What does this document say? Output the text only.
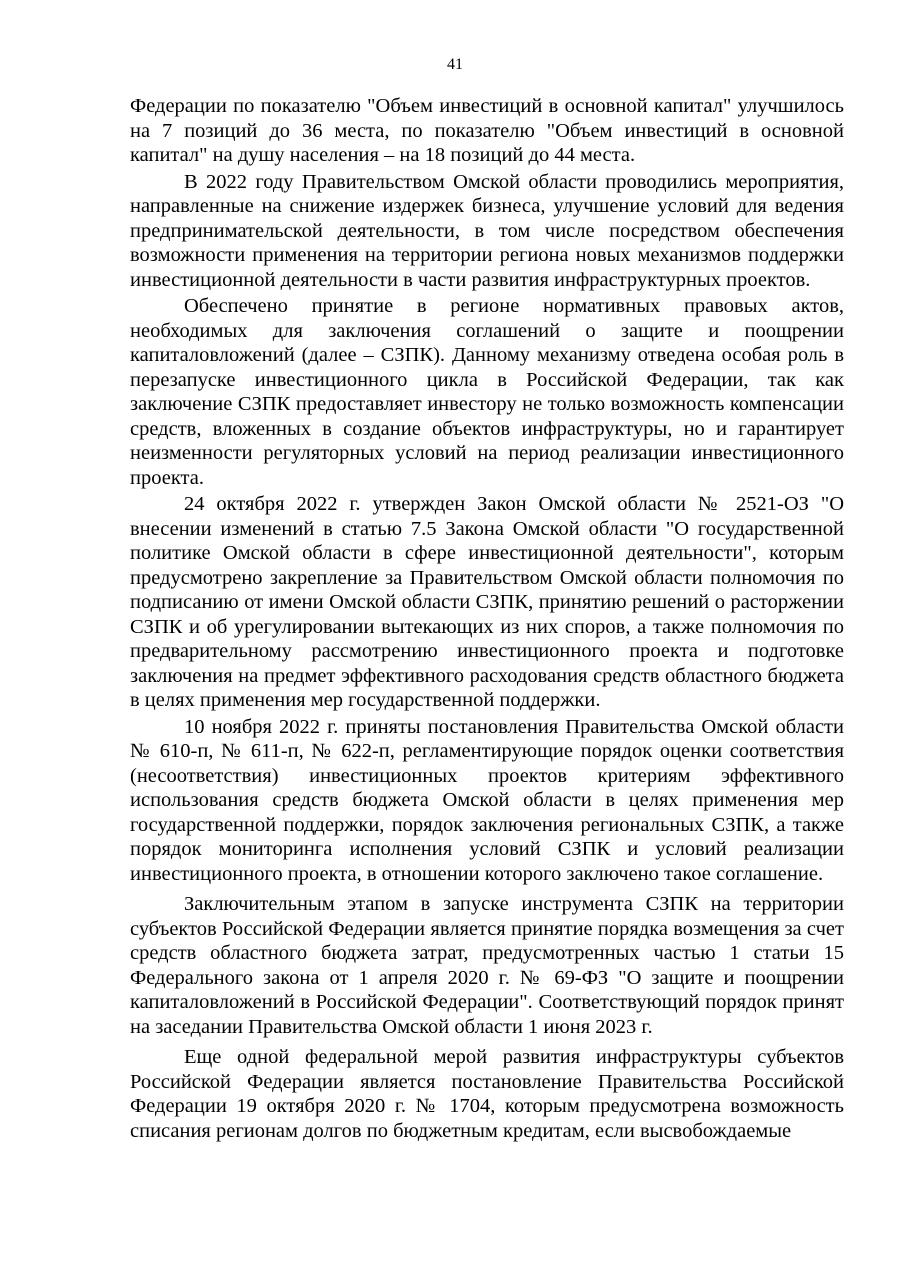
41

Федерации по показателю "Объем инвестиций в основной капитал" улучшилось на 7 позиций до 36 места, по показателю "Объем инвестиций в основной капитал" на душу населения – на 18 позиций до 44 места.

В 2022 году Правительством Омской области проводились мероприятия, направленные на снижение издержек бизнеса, улучшение условий для ведения предпринимательской деятельности, в том числе посредством обеспечения возможности применения на территории региона новых механизмов поддержки инвестиционной деятельности в части развития инфраструктурных проектов.

Обеспечено принятие в регионе нормативных правовых актов, необходимых для заключения соглашений о защите и поощрении капиталовложений (далее – СЗПК). Данному механизму отведена особая роль в перезапуске инвестиционного цикла в Российской Федерации, так как заключение СЗПК предоставляет инвестору не только возможность компенсации средств, вложенных в создание объектов инфраструктуры, но и гарантирует неизменности регуляторных условий на период реализации инвестиционного проекта.

24 октября 2022 г. утвержден Закон Омской области № 2521-ОЗ "О внесении изменений в статью 7.5 Закона Омской области "О государственной политике Омской области в сфере инвестиционной деятельности", которым предусмотрено закрепление за Правительством Омской области полномочия по подписанию от имени Омской области СЗПК, принятию решений о расторжении СЗПК и об урегулировании вытекающих из них споров, а также полномочия по предварительному рассмотрению инвестиционного проекта и подготовке заключения на предмет эффективного расходования средств областного бюджета в целях применения мер государственной поддержки.

10 ноября 2022 г. приняты постановления Правительства Омской области № 610-п, № 611-п, № 622-п, регламентирующие порядок оценки соответствия (несоответствия) инвестиционных проектов критериям эффективного использования средств бюджета Омской области в целях применения мер государственной поддержки, порядок заключения региональных СЗПК, а также порядок мониторинга исполнения условий СЗПК и условий реализации инвестиционного проекта, в отношении которого заключено такое соглашение.

Заключительным этапом в запуске инструмента СЗПК на территории субъектов Российской Федерации является принятие порядка возмещения за счет средств областного бюджета затрат, предусмотренных частью 1 статьи 15 Федерального закона от 1 апреля 2020 г. № 69-ФЗ "О защите и поощрении капиталовложений в Российской Федерации". Соответствующий порядок принят на заседании Правительства Омской области 1 июня 2023 г.

Еще одной федеральной мерой развития инфраструктуры субъектов Российской Федерации является постановление Правительства Российской Федерации 19 октября 2020 г. № 1704, которым предусмотрена возможность списания регионам долгов по бюджетным кредитам, если высвобождаемые
